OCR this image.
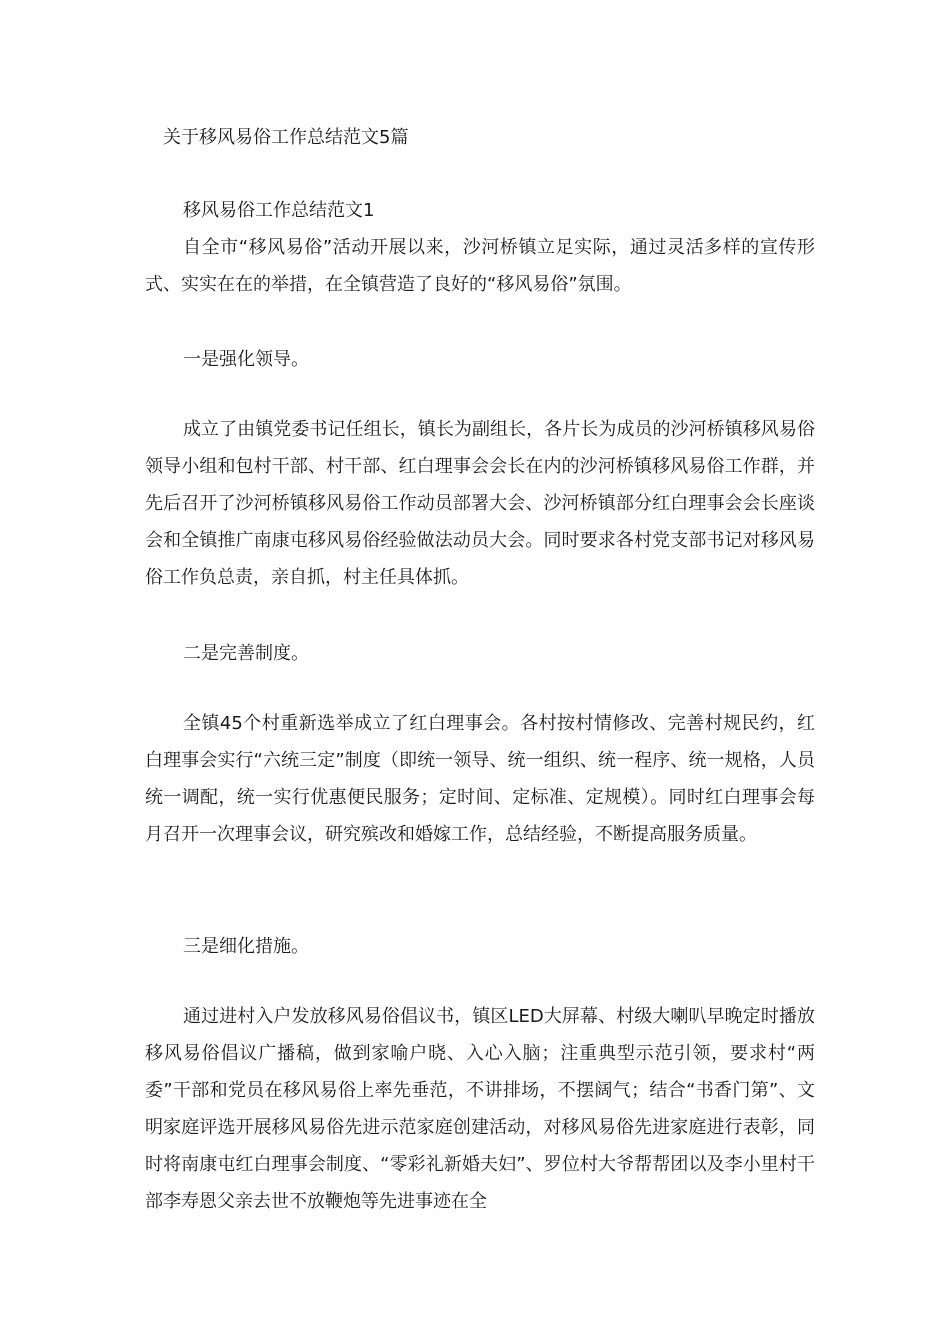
关于移风易俗工作总结范文5篇
移风易俗工作总结范文1

自全市“移风易俗”活动开展以来，沙河桥镇立足实际，通过灵活多样的宣传形式、实实在在的举措，在全镇营造了良好的“移风易俗”氛围。

一是强化领导。

成立了由镇党委书记任组长，镇长为副组长，各片长为成员的沙河桥镇移风易俗领导小组和包村干部、村干部、红白理事会会长在内的沙河桥镇移风易俗工作群，并先后召开了沙河桥镇移风易俗工作动员部署大会、沙河桥镇部分红白理事会会长座谈会和全镇推广南康屯移风易俗经验做法动员大会。同时要求各村党支部书记对移风易俗工作负总责，亲自抓，村主任具体抓。

二是完善制度。

全镇45个村重新选举成立了红白理事会。各村按村情修改、完善村规民约，红白理事会实行“六统三定”制度（即统一领导、统一组织、统一程序、统一规格，人员统一调配，统一实行优惠便民服务；定时间、定标准、定规模）。同时红白理事会每月召开一次理事会议，研究殡改和婚嫁工作，总结经验，不断提高服务质量。

三是细化措施。

通过进村入户发放移风易俗倡议书，镇区LED大屏幕、村级大喇叭早晚定时播放移风易俗倡议广播稿，做到家喻户晓、入心入脑；注重典型示范引领，要求村“两委”干部和党员在移风易俗上率先垂范，不讲排场，不摆阔气；结合“书香门第”、文明家庭评选开展移风易俗先进示范家庭创建活动，对移风易俗先进家庭进行表彰，同时将南康屯红白理事会制度、“零彩礼新婚夫妇”、罗位村大爷帮帮团以及李小里村干部李寿恩父亲去世不放鞭炮等先进事迹在全
